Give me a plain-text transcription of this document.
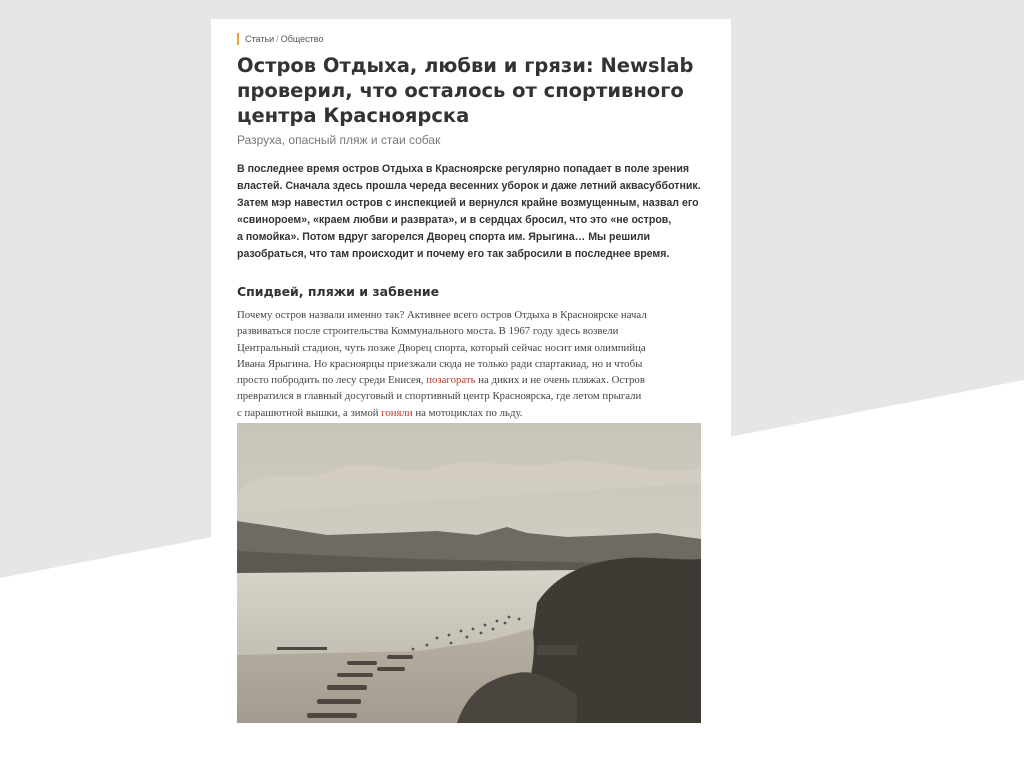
Статьи / Общество
Остров Отдыха, любви и грязи: Newslab проверил, что осталось от спортивного центра Красноярска
Разруха, опасный пляж и стаи собак
В последнее время остров Отдыха в Красноярске регулярно попадает в поле зрения
властей. Сначала здесь прошла череда весенних уборок и даже летний аквасубботник.
Затем мэр навестил остров с инспекцией и вернулся крайне возмущенным, назвал его
«свинороем», «краем любви и разврата», и в сердцах бросил, что это «не остров,
а помойка». Потом вдруг загорелся Дворец спорта им. Ярыгина… Мы решили
разобраться, что там происходит и почему его так забросили в последнее время.
Спидвей, пляжи и забвение
Почему остров назвали именно так? Активнее всего остров Отдыха в Красноярске начал
развиваться после строительства Коммунального моста. В 1967 году здесь возвели
Центральный стадион, чуть позже Дворец спорта, который сейчас носит имя олимпийца
Ивана Ярыгина. Но красноярцы приезжали сюда не только ради спартакиад, но и чтобы
просто побродить по лесу среди Енисея, позагорать на диких и не очень пляжах. Остров
превратился в главный досуговый и спортивный центр Красноярска, где летом прыгали
с парашютной вышки, а зимой гоняли на мотоциклах по льду.
